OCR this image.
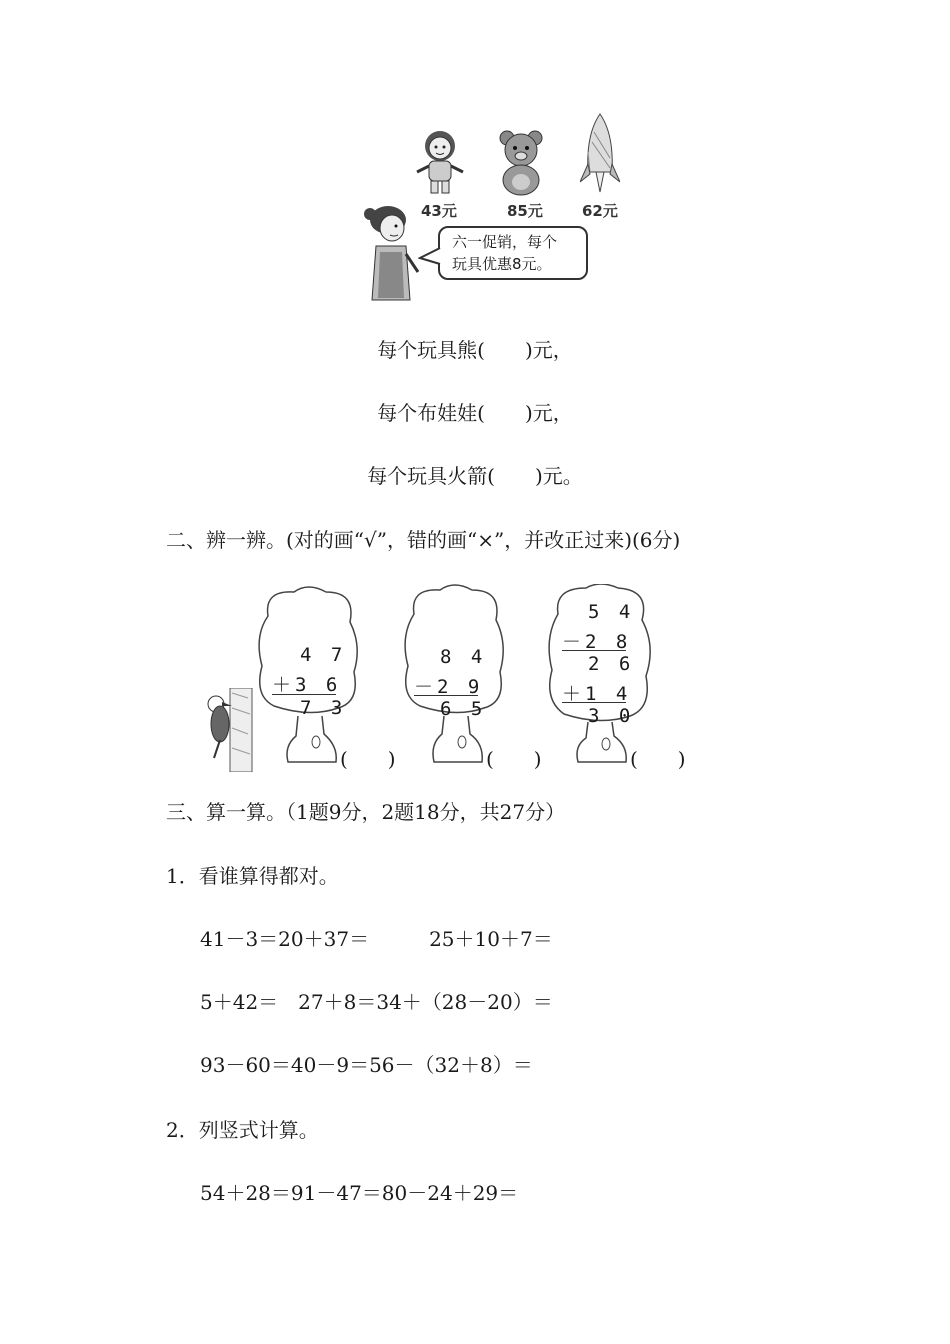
43元	85元	62元
六一促销，每个
玩具优惠8元。
每个玩具熊(　　)元，
每个布娃娃(　　)元，
每个玩具火箭(　　)元。
二、辨一辨。(对的画“√”，错的画“×”，并改正过来)(6分)
4 7
＋3 6
7 3
8 4
－2 9
6 5
5 4
－2 8
2 6
＋1 4
3 0
(　　)	(　　)	(　　)
三、算一算。（1题9分，2题18分，共27分）
1．看谁算得都对。
41－3＝20＋37＝　　　25＋10＋7＝
5＋42＝　27＋8＝34＋（28－20）＝
93－60＝40－9＝56－（32＋8）＝
2．列竖式计算。
54＋28＝91－47＝80－24＋29＝
